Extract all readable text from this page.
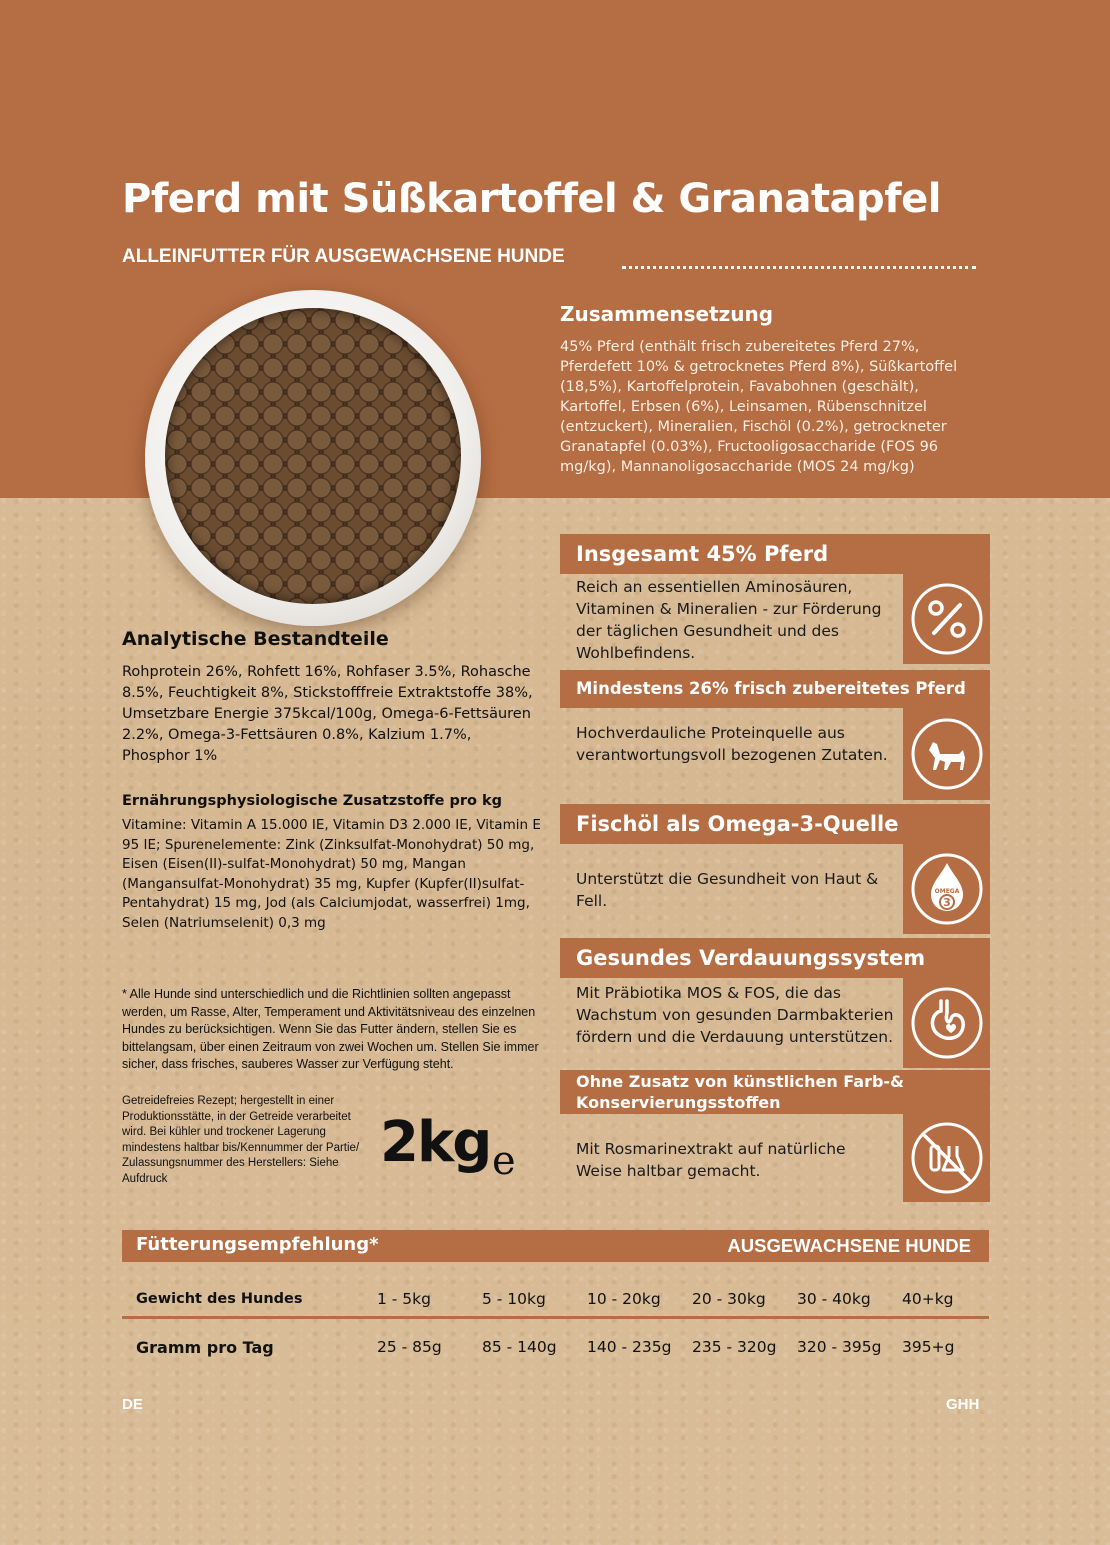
Pferd mit Süßkartoffel & Granatapfel
ALLEINFUTTER FÜR AUSGEWACHSENE HUNDE
Zusammensetzung
45% Pferd (enthält frisch zubereitetes Pferd 27%, Pferdefett 10% & getrocknetes Pferd 8%), Süßkartoffel (18,5%), Kartoffelprotein, Favabohnen (geschält), Kartoffel, Erbsen (6%), Leinsamen, Rübenschnitzel (entzuckert), Mineralien, Fischöl (0.2%), getrockneter Granatapfel (0.03%), Fructooligosaccharide (FOS 96 mg/kg), Mannanoligosaccharide (MOS 24 mg/kg)
Analytische Bestandteile
Rohprotein 26%, Rohfett 16%, Rohfaser 3.5%, Rohasche 8.5%, Feuchtigkeit 8%, Stickstofffreie Extraktstoffe 38%, Umsetzbare Energie 375kcal/100g, Omega-6-Fettsäuren 2.2%, Omega-3-Fettsäuren 0.8%, Kalzium 1.7%, Phosphor 1%
Ernährungsphysiologische Zusatzstoffe pro kg
Vitamine: Vitamin A 15.000 IE, Vitamin D3 2.000 IE, Vitamin E 95 IE; Spurenelemente: Zink (Zinksulfat-Monohydrat) 50 mg, Eisen (Eisen(II)-sulfat-Monohydrat) 50 mg, Mangan (Mangansulfat-Monohydrat) 35 mg, Kupfer (Kupfer(II)sulfat-Pentahydrat) 15 mg, Jod (als Calciumjodat, wasserfrei) 1mg, Selen (Natriumselenit) 0,3 mg
* Alle Hunde sind unterschiedlich und die Richtlinien sollten angepasst werden, um Rasse, Alter, Temperament und Aktivitätsniveau des einzelnen Hundes zu berücksichtigen. Wenn Sie das Futter ändern, stellen Sie es bittelangsam, über einen Zeitraum von zwei Wochen um. Stellen Sie immer sicher, dass frisches, sauberes Wasser zur Verfügung steht.
Getreidefreies Rezept; hergestellt in einer Produktionsstätte, in der Getreide verarbeitet wird. Bei kühler und trockener Lagerung mindestens haltbar bis/Kennummer der Partie/ Zulassungsnummer des Herstellers: Siehe Aufdruck
2kg e
Insgesamt 45% Pferd
Reich an essentiellen Aminosäuren, Vitaminen & Mineralien - zur Förderung der täglichen Gesundheit und des Wohlbefindens.
Mindestens 26% frisch zubereitetes Pferd
Hochverdauliche Proteinquelle aus verantwortungsvoll bezogenen Zutaten.
Fischöl als Omega-3-Quelle
Unterstützt die Gesundheit von Haut & Fell.
OMEGA
3
Gesundes Verdauungssystem
Mit Präbiotika MOS & FOS, die das Wachstum von gesunden Darmbakterien fördern und die Verdauung unterstützen.
Ohne Zusatz von künstlichen Farb-&
Konservierungsstoffen
Mit Rosmarinextrakt auf natürliche Weise haltbar gemacht.
Fütterungsempfehlung*	AUSGEWACHSENE HUNDE
Gewicht des Hundes	1 - 5kg	5 - 10kg	10 - 20kg 20 - 30kg 30 - 40kg 40+kg
Gramm pro Tag	25 - 85g	85 - 140g 140 - 235g 235 - 320g 320 - 395g 395+g
DE	GHH
